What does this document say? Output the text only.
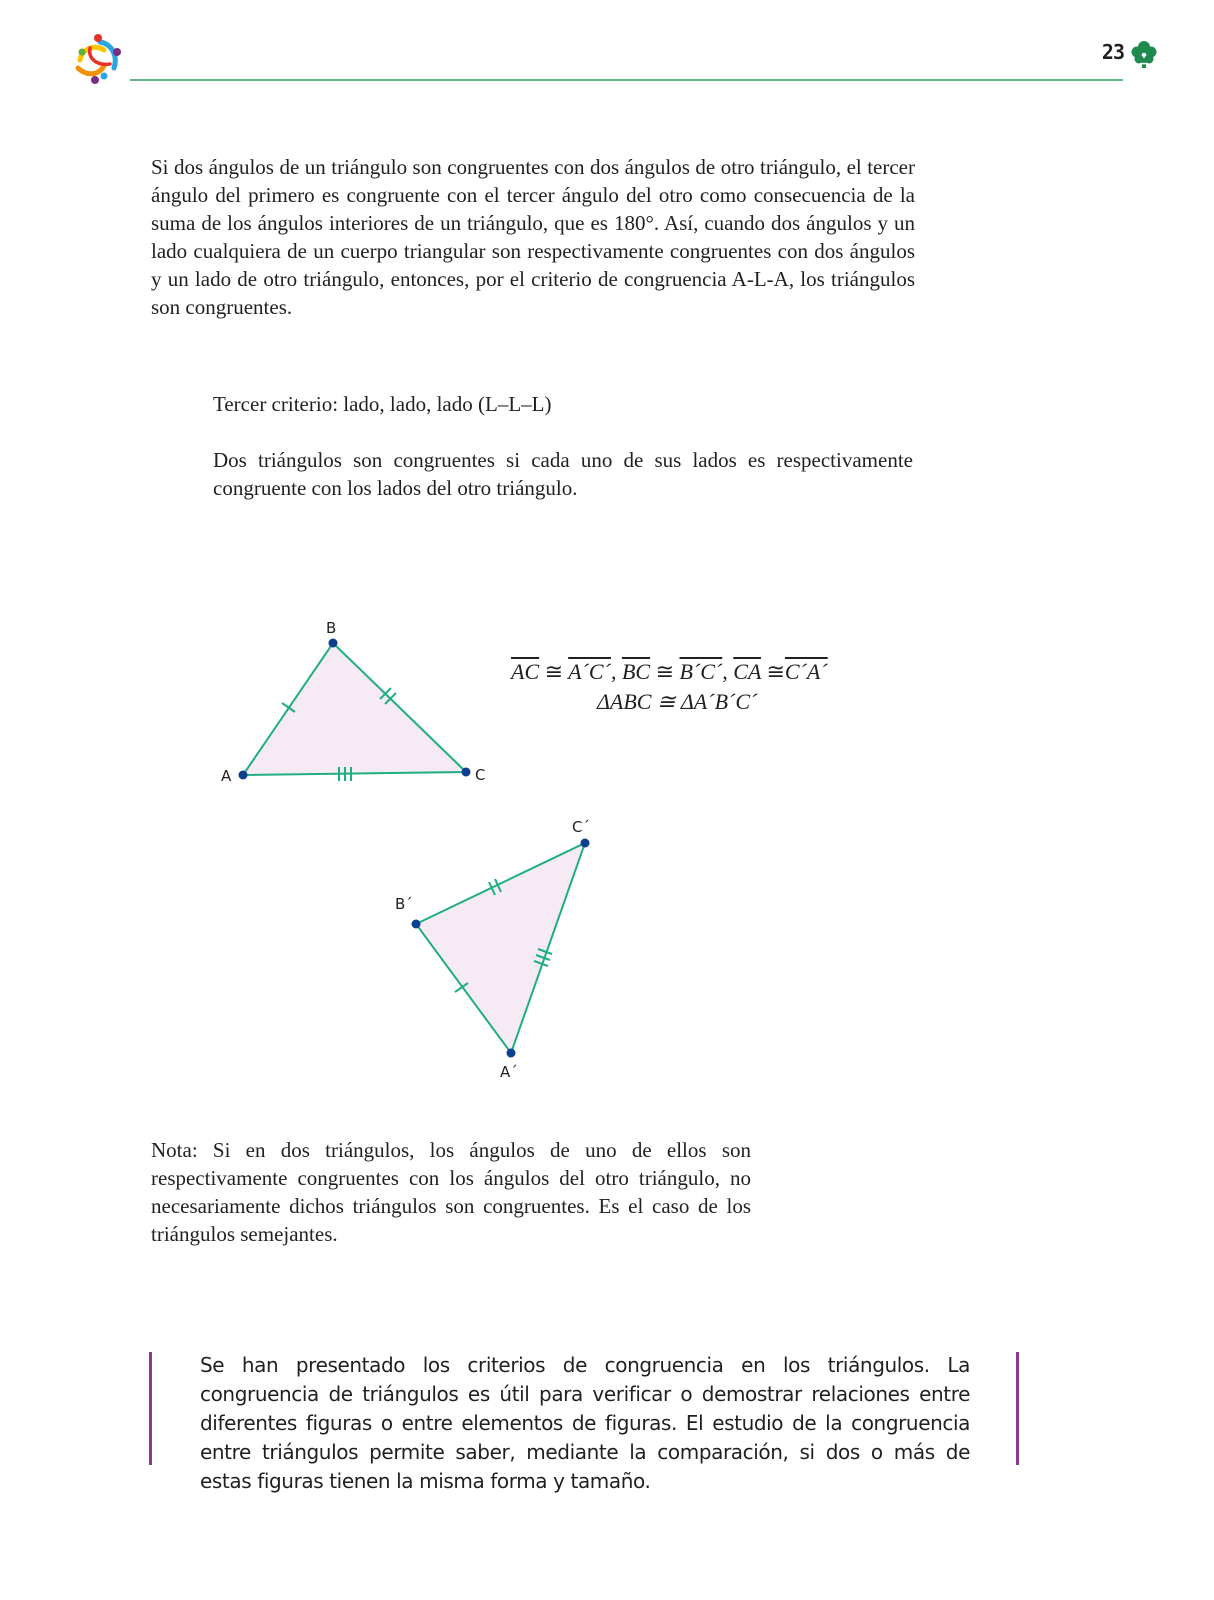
23

Si dos ángulos de un triángulo son congruentes con dos ángulos de otro triángulo, el tercer ángulo del primero es congruente con el tercer ángulo del otro como consecuencia de la suma de los ángulos interiores de un triángulo, que es 180°. Así, cuando dos ángulos y un lado cualquiera de un cuerpo triangular son respectivamente congruentes con dos ángulos y un lado de otro triángulo, entonces, por el criterio de congruencia A-L-A, los triángulos son congruentes.

Tercer criterio: lado, lado, lado (L–L–L)

Dos triángulos son congruentes si cada uno de sus lados es respectivamente congruente con los lados del otro triángulo.

A
B
C
A´
B´
C´
$\overline{AC}$ ≅ A´C´, $\overline{BC}$ ≅ B´C´, $\overline{CA}$ ≅C´A´
ΔABC ≅ ΔA´B´C´

Nota: Si en dos triángulos, los ángulos de uno de ellos son respectivamente congruentes con los ángulos del otro triángulo, no necesariamente dichos triángulos son congruentes. Es el caso de los triángulos semejantes.

Se han presentado los criterios de congruencia en los triángulos. La congruencia de triángulos es útil para verificar o demostrar relaciones entre diferentes figuras o entre elementos de figuras. El estudio de la congruencia entre triángulos permite saber, mediante la comparación, si dos o más de estas figuras tienen la misma forma y tamaño.
